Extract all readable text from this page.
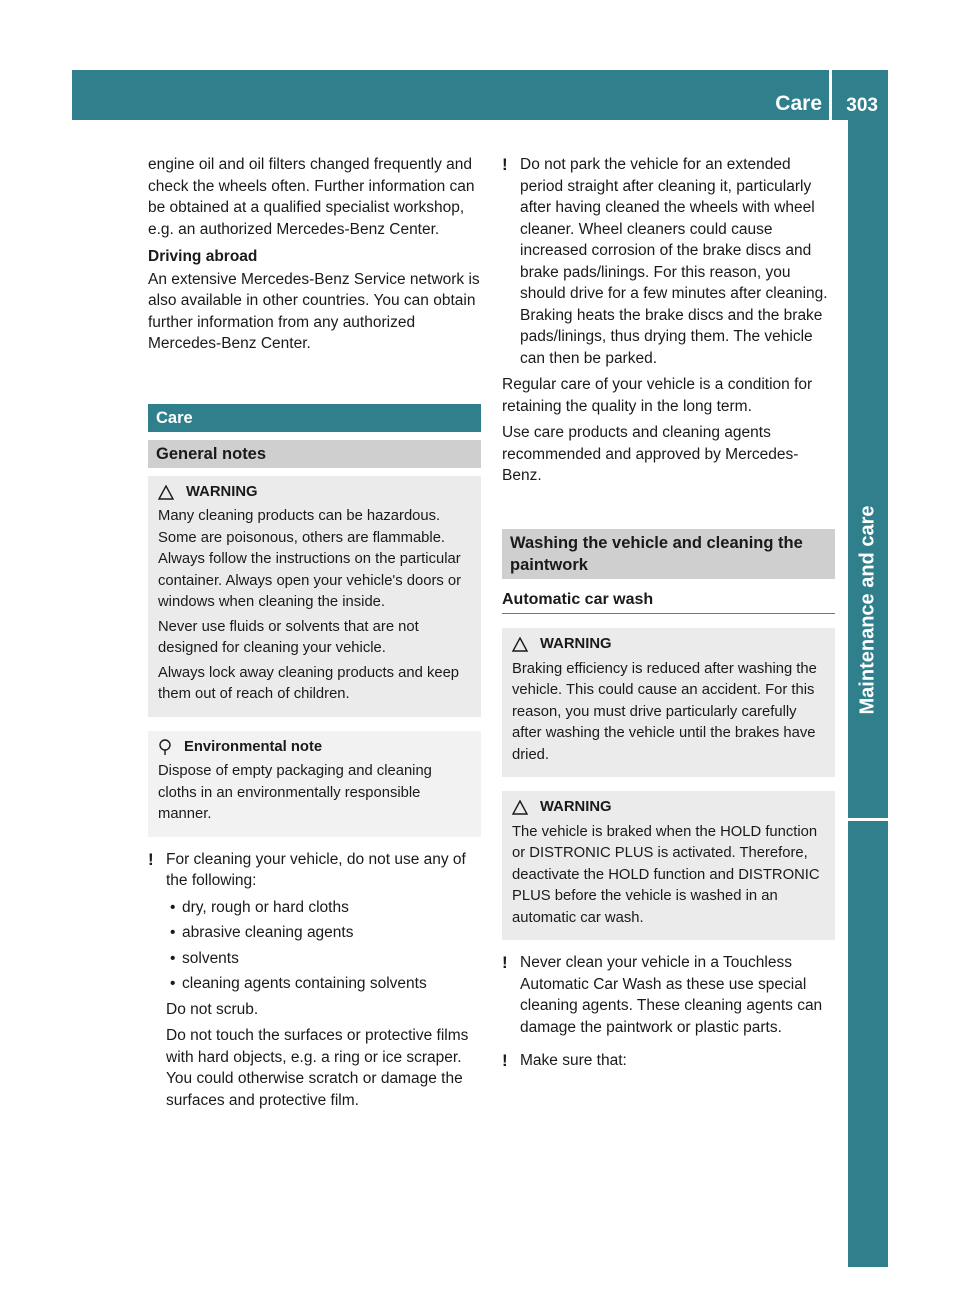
Care 303
Maintenance and care

engine oil and oil filters changed frequently and check the wheels often. Further information can be obtained at a qualified specialist workshop, e.g. an authorized Mercedes-Benz Center.

Driving abroad

An extensive Mercedes-Benz Service network is also available in other countries. You can obtain further information from any authorized Mercedes-Benz Center.

Care
General notes
WARNING

Many cleaning products can be hazardous. Some are poisonous, others are flammable. Always follow the instructions on the particular container. Always open your vehicle's doors or windows when cleaning the inside.

Never use fluids or solvents that are not designed for cleaning your vehicle.

Always lock away cleaning products and keep them out of reach of children.

Environmental note

Dispose of empty packaging and cleaning cloths in an environmentally responsible manner.

! For cleaning your vehicle, do not use any of the following:

• dry, rough or hard cloths
• abrasive cleaning agents
• solvents
• cleaning agents containing solvents

Do not scrub.

Do not touch the surfaces or protective films with hard objects, e.g. a ring or ice scraper. You could otherwise scratch or damage the surfaces and protective film.

! Do not park the vehicle for an extended period straight after cleaning it, particularly after having cleaned the wheels with wheel cleaner. Wheel cleaners could cause increased corrosion of the brake discs and brake pads/linings. For this reason, you should drive for a few minutes after cleaning. Braking heats the brake discs and the brake pads/linings, thus drying them. The vehicle can then be parked.

Regular care of your vehicle is a condition for retaining the quality in the long term.

Use care products and cleaning agents recommended and approved by Mercedes-Benz.

Washing the vehicle and cleaning the paintwork
Automatic car wash
WARNING

Braking efficiency is reduced after washing the vehicle. This could cause an accident. For this reason, you must drive particularly carefully after washing the vehicle until the brakes have dried.

WARNING

The vehicle is braked when the HOLD function or DISTRONIC PLUS is activated. Therefore, deactivate the HOLD function and DISTRONIC PLUS before the vehicle is washed in an automatic car wash.

! Never clean your vehicle in a Touchless Automatic Car Wash as these use special cleaning agents. These cleaning agents can damage the paintwork or plastic parts.

! Make sure that:
